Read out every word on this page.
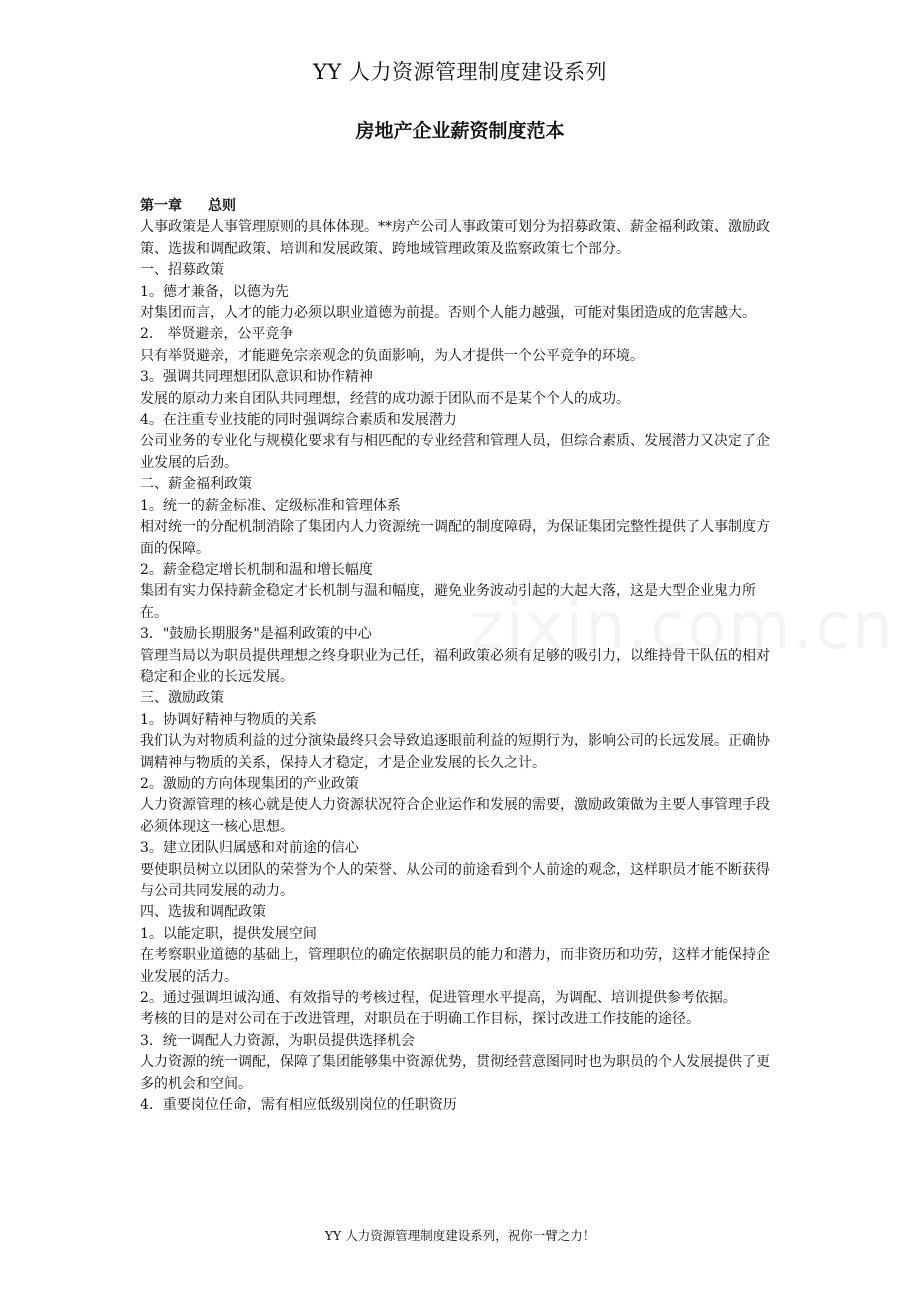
YY 人力资源管理制度建设系列
房地产企业薪资制度范本

第一章 总则

人事政策是人事管理原则的具体体现。**房产公司人事政策可划分为招募政策、薪金福利政策、激励政策、选拔和调配政策、培训和发展政策、跨地域管理政策及监察政策七个部分。

一、招募政策

1。德才兼备，以德为先

对集团而言，人才的能力必须以职业道德为前提。否则个人能力越强，可能对集团造成的危害越大。

2． 举贤避亲，公平竞争

只有举贤避亲，才能避免宗亲观念的负面影响，为人才提供一个公平竞争的环境。

3。强调共同理想团队意识和协作精神

发展的原动力来自团队共同理想，经营的成功源于团队而不是某个个人的成功。

4。在注重专业技能的同时强调综合素质和发展潜力

公司业务的专业化与规模化要求有与相匹配的专业经营和管理人员，但综合素质、发展潜力又决定了企业发展的后劲。

二、薪金福利政策

1。统一的薪金标准、定级标准和管理体系

相对统一的分配机制消除了集团内人力资源统一调配的制度障碍，为保证集团完整性提供了人事制度方面的保障。

2。薪金稳定增长机制和温和增长幅度

集团有实力保持薪金稳定才长机制与温和幅度，避免业务波动引起的大起大落，这是大型企业鬼力所在。

3．"鼓励长期服务"是福利政策的中心

管理当局以为职员提供理想之终身职业为己任，福利政策必须有足够的吸引力，以维持骨干队伍的相对稳定和企业的长远发展。

三、激励政策

1。协调好精神与物质的关系

我们认为对物质利益的过分演染最终只会导致追逐眼前利益的短期行为，影响公司的长远发展。正确协调精神与物质的关系，保持人才稳定，才是企业发展的长久之计。

2。激励的方向体现集团的产业政策

人力资源管理的核心就是使人力资源状况符合企业运作和发展的需要，激励政策做为主要人事管理手段必须体现这一核心思想。

3。建立团队归属感和对前途的信心

要使职员树立以团队的荣誉为个人的荣誉、从公司的前途看到个人前途的观念，这样职员才能不断获得与公司共同发展的动力。

四、选拔和调配政策

1。以能定职，提供发展空间

在考察职业道德的基础上，管理职位的确定依据职员的能力和潜力，而非资历和功劳，这样才能保持企业发展的活力。

2。通过强调坦诚沟通、有效指导的考核过程，促进管理水平提高，为调配、培训提供参考依据。

考核的目的是对公司在于改进管理，对职员在于明确工作目标，探讨改进工作技能的途径。

3．统一调配人力资源，为职员提供选择机会

人力资源的统一调配，保障了集团能够集中资源优势，贯彻经营意图同时也为职员的个人发展提供了更多的机会和空间。

4．重要岗位任命，需有相应低级别岗位的任职资历

YY 人力资源管理制度建设系列，祝你一臂之力！
